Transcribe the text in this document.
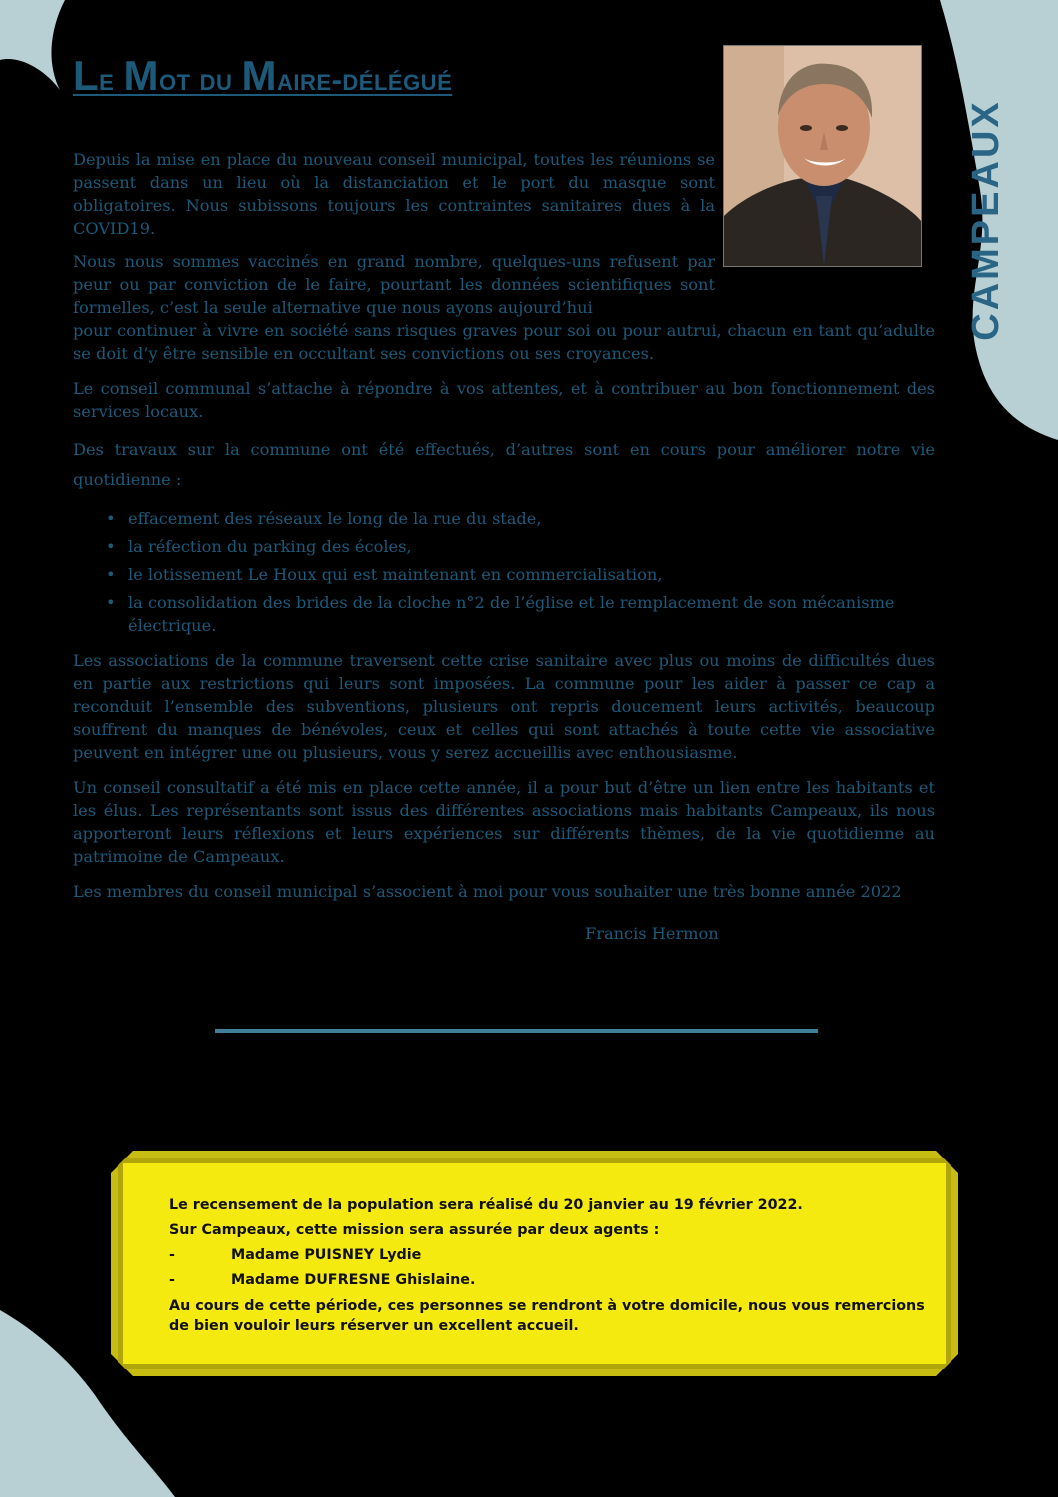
Le Mot du Maire-délégué
CAMPEAUX

Depuis la mise en place du nouveau conseil municipal, toutes les réunions se passent dans un lieu où la distanciation et le port du masque sont obligatoires. Nous subissons toujours les contraintes sanitaires dues à la COVID19.

Nous nous sommes vaccinés en grand nombre, quelques-uns refusent par peur ou par conviction de le faire, pourtant les données scientifiques sont formelles, c’est la seule alternative que nous ayons aujourd’hui

pour continuer à vivre en société sans risques graves pour soi ou pour autrui, chacun en tant qu’adulte se doit d’y être sensible en occultant ses convictions ou ses croyances.

Le conseil communal s’attache à répondre à vos attentes, et à contribuer au bon fonctionnement des services locaux.

Des travaux sur la commune ont été effectués, d’autres sont en cours pour améliorer notre vie quotidienne :

• effacement des réseaux le long de la rue du stade,
• la réfection du parking des écoles,
• le lotissement Le Houx qui est maintenant en commercialisation,
• la consolidation des brides de la cloche n°2 de l’église et le remplacement de son mécanisme électrique.

Les associations de la commune traversent cette crise sanitaire avec plus ou moins de difficultés dues en partie aux restrictions qui leurs sont imposées. La commune pour les aider à passer ce cap a reconduit l’ensemble des subventions, plusieurs ont repris doucement leurs activités, beaucoup souffrent du manques de bénévoles, ceux et celles qui sont attachés à toute cette vie associative peuvent en intégrer une ou plusieurs, vous y serez accueillis avec enthousiasme.

Un conseil consultatif a été mis en place cette année, il a pour but d’être un lien entre les habitants et les élus. Les représentants sont issus des différentes associations mais habitants Campeaux, ils nous apporteront leurs réflexions et leurs expériences sur différents thèmes, de la vie quotidienne au patrimoine de Campeaux.

Les membres du conseil municipal s’associent à moi pour vous souhaiter une très bonne année 2022

Francis Hermon
Le recensement de la population sera réalisé du 20 janvier au 19 février 2022.
Sur Campeaux, cette mission sera assurée par deux agents :
-	Madame PUISNEY Lydie
-	Madame DUFRESNE Ghislaine.
Au cours de cette période, ces personnes se rendront à votre domicile, nous vous remercions de bien vouloir leurs réserver un excellent accueil.
